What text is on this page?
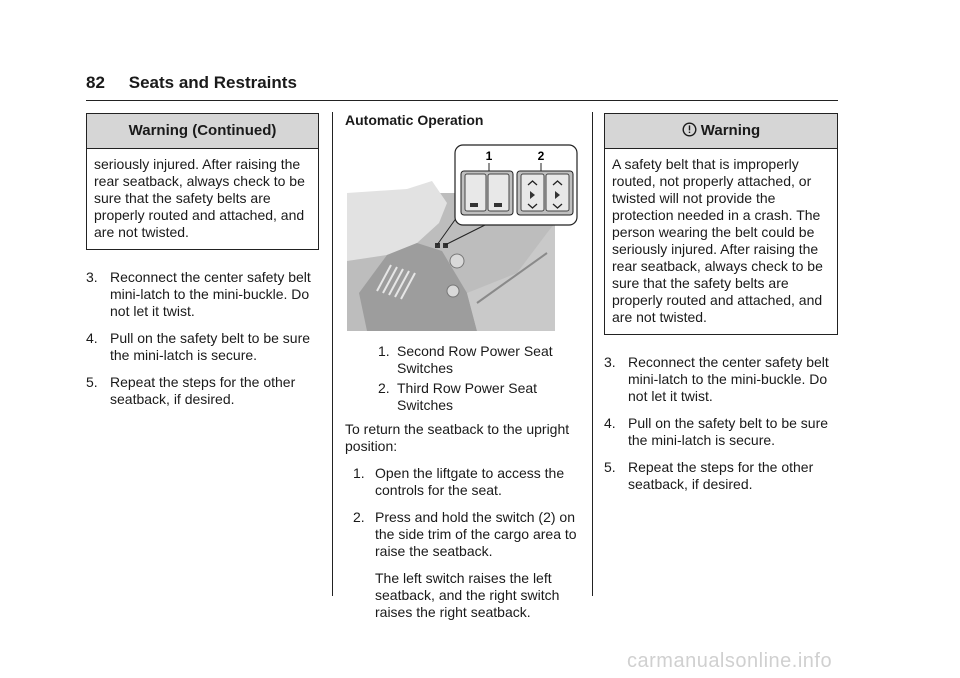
82 Seats and Restraints
Warning (Continued)
seriously injured. After raising the rear seatback, always check to be sure that the safety belts are properly routed and attached, and are not twisted.
3. Reconnect the center safety belt mini-latch to the mini-buckle. Do not let it twist.
4. Pull on the safety belt to be sure the mini-latch is secure.
5. Repeat the steps for the other seatback, if desired.

Automatic Operation

1	2
1. Second Row Power Seat Switches
2. Third Row Power Seat Switches

To return the seatback to the upright position:

1. Open the liftgate to access the controls for the seat.
2. Press and hold the switch (2) on the side trim of the cargo area to raise the seatback.

The left switch raises the left seatback, and the right switch raises the right seatback.

Warning
A safety belt that is improperly routed, not properly attached, or twisted will not provide the protection needed in a crash. The person wearing the belt could be seriously injured. After raising the rear seatback, always check to be sure that the safety belts are properly routed and attached, and are not twisted.
3. Reconnect the center safety belt mini-latch to the mini-buckle. Do not let it twist.
4. Pull on the safety belt to be sure the mini-latch is secure.
5. Repeat the steps for the other seatback, if desired.
carmanualsonline.info
